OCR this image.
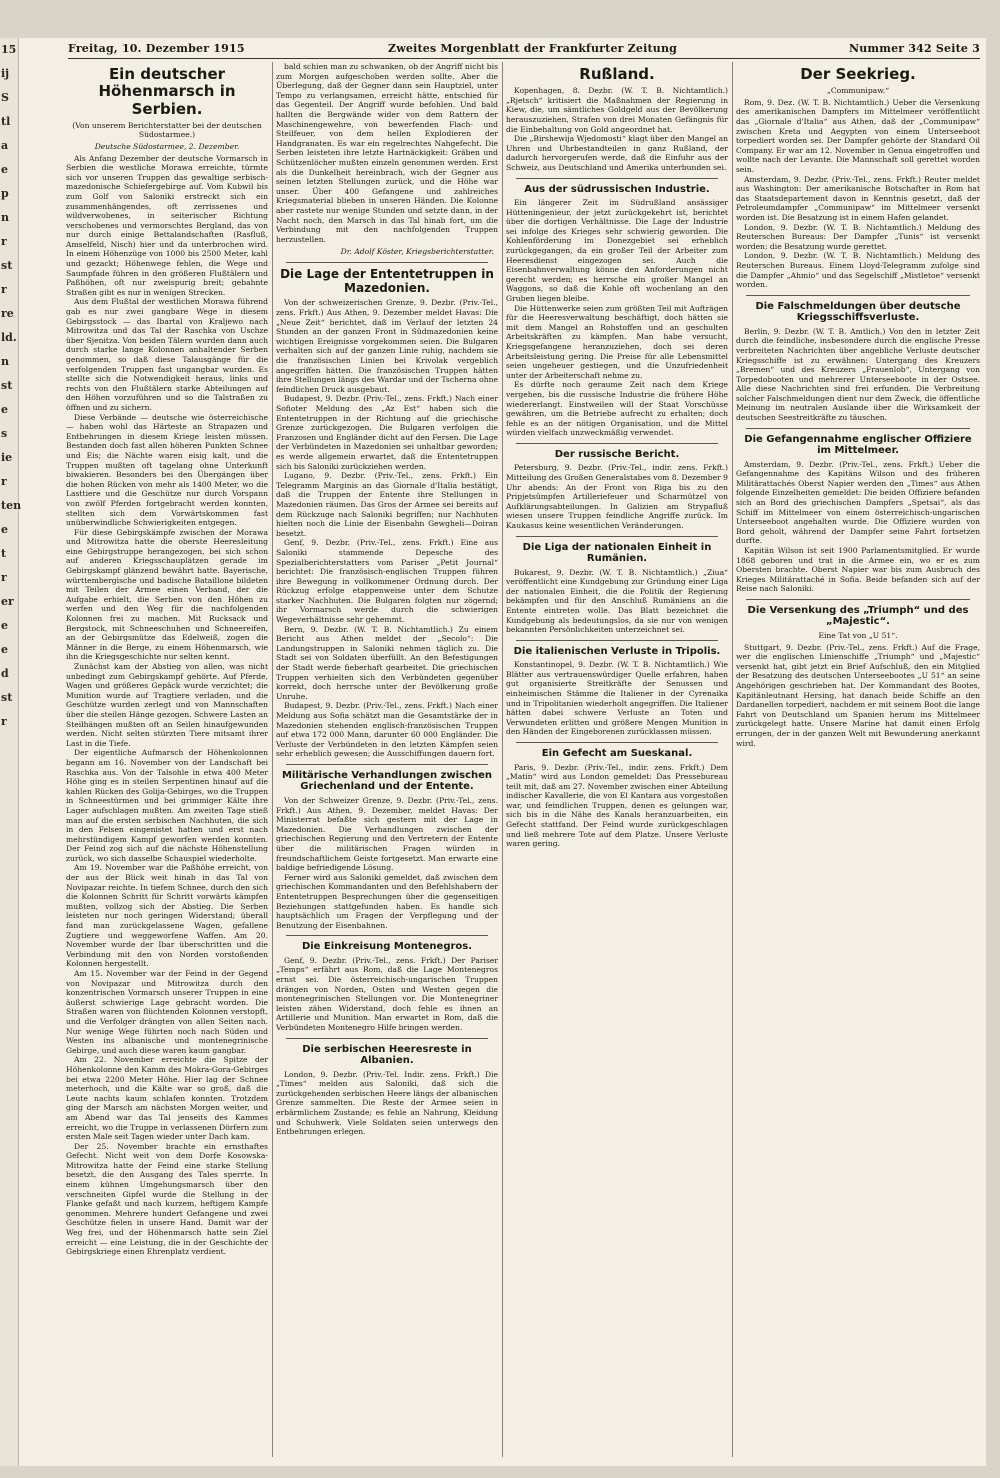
15
ij
S
tl
a
e
p
n
r
st
r
re
ld.
n
st
e
s
ie
r
ten
e
t
r
er
e
e
d
st
r
Freitag, 10. Dezember 1915	Zweites Morgenblatt der Frankfurter Zeitung	Nummer 342 Seite 3
Ein deutscher Höhenmarsch in Serbien.
(Von unserem Berichterstatter bei der deutschen Südostarmee.)
Deutsche Südostarmee, 2. Dezember.

Als Anfang Dezember der deutsche Vormarsch in Serbien die westliche Morawa erreichte, türmte sich vor unseren Truppen das gewaltige serbisch-mazedonische Schiefergebirge auf. Vom Kubwil bis zum Golf von Saloniki erstreckt sich ein zusammenhängendes, oft zerrissenes und wildverwobenes, in seiterischer Richtung verschobenes und vermorschtes Bergland, das von nur durch einige Bettalandschaften (Rasfluß, Amselfeld, Nisch) hier und da unterbrochen wird. In einem Höhenzüge von 1000 bis 2500 Meter, kahl und gezackt; Höhenwege fehlen, die Wege und Saumpfade führen in den größeren Flußtälern und Paßhöhen, oft nur zweispurig breit; gebahnte Straßen gibt es nur in wenigen Strecken.

Aus dem Flußtal der westlichen Morawa führend gab es nur zwei gangbare Wege in diesem Gebirgsstock — das Ibartal von Kraljewo nach Mitrowitza und das Tal der Raschka von Uschze über Sjenitza. Von beiden Tälern wurden dann auch durch starke lange Kolonnen anhaltender Serben genommen, so daß diese Talausgänge für die verfolgenden Truppen fast ungangbar wurden. Es stellte sich die Notwendigkeit heraus, links und rechts von den Flußtälern starke Abteilungen auf den Höhen vorzuführen und so die Talstraßen zu öffnen und zu sichern.

Diese Verbände — deutsche wie österreichische — haben wohl das Härteste an Strapazen und Entbehrungen in diesem Kriege leisten müssen. Bestanden doch fast allen höheren Punkten Schnee und Eis; die Nächte waren eisig kalt, und die Truppen mußten oft tagelang ohne Unterkunft biwakieren. Besonders bei den Übergängen über die hohen Rücken von mehr als 1400 Meter, wo die Lasttiere und die Geschütze nur durch Vorspann von zwölf Pferden fortgebracht werden konnten, stellten sich dem Vorwärtskommen fast unüberwindliche Schwierigkeiten entgegen.

Für diese Gebirgskämpfe zwischen der Morawa und Mitrowitza hatte die oberste Heeresleitung eine Gebirgstruppe herangezogen, bei sich schon auf anderen Kriegsschauplätzen gerade im Gebirgskampf glänzend bewährt hatte. Bayerische, württembergische und badische Bataillone bildeten mit Teilen der Armee einen Verband, der die Aufgabe erhielt, die Serben von den Höhen zu werfen und den Weg für die nachfolgenden Kolonnen frei zu machen. Mit Rucksack und Bergstock, mit Schneeschuhen und Schneereifen, an der Gebirgsmütze das Edelweiß, zogen die Männer in die Berge, zu einem Höhenmarsch, wie ihn die Kriegsgeschichte nur selten kennt.

Zunächst kam der Abstieg von allen, was nicht unbedingt zum Gebirgskampf gehörte. Auf Pferde, Wagen und größeres Gepäck wurde verzichtet; die Munition wurde auf Tragtiere verladen, und die Geschütze wurden zerlegt und von Mannschaften über die steilen Hänge gezogen. Schwere Lasten an Steilhängen mußten oft an Seilen hinaufgewunden werden. Nicht selten stürzten Tiere mitsamt ihrer Last in die Tiefe.

Der eigentliche Aufmarsch der Höhenkolonnen begann am 16. November von der Landschaft bei Raschka aus. Von der Talsohle in etwa 400 Meter Höhe ging es in steilen Serpentinen hinauf auf die kahlen Rücken des Golija-Gebirges, wo die Truppen in Schneestürmen und bei grimmiger Kälte ihre Lager aufschlagen mußten. Am zweiten Tage stieß man auf die ersten serbischen Nachhuten, die sich in den Felsen eingenistet hatten und erst nach mehrstündigem Kampf geworfen werden konnten. Der Feind zog sich auf die nächste Höhenstellung zurück, wo sich dasselbe Schauspiel wiederholte.

Am 19. November war die Paßhöhe erreicht, von der aus der Blick weit hinab in das Tal von Novipazar reichte. In tiefem Schnee, durch den sich die Kolonnen Schritt für Schritt vorwärts kämpfen mußten, vollzog sich der Abstieg. Die Serben leisteten nur noch geringen Widerstand; überall fand man zurückgelassene Wagen, gefallene Zugtiere und weggeworfene Waffen. Am 20. November wurde der Ibar überschritten und die Verbindung mit den von Norden vorstoßenden Kolonnen hergestellt.

Am 15. November war der Feind in der Gegend von Novipazar und Mitrowitza durch den konzentrischen Vormarsch unserer Truppen in eine äußerst schwierige Lage gebracht worden. Die Straßen waren von flüchtenden Kolonnen verstopft, und die Verfolger drängten von allen Seiten nach. Nur wenige Wege führten noch nach Süden und Westen ins albanische und montenegrinische Gebirge, und auch diese waren kaum gangbar.

Am 22. November erreichte die Spitze der Höhenkolonne den Kamm des Mokra-Gora-Gebirges bei etwa 2200 Meter Höhe. Hier lag der Schnee meterhoch, und die Kälte war so groß, daß die Leute nachts kaum schlafen konnten. Trotzdem ging der Marsch am nächsten Morgen weiter, und am Abend war das Tal jenseits des Kammes erreicht, wo die Truppe in verlassenen Dörfern zum ersten Male seit Tagen wieder unter Dach kam.

Der 25. November brachte ein ernsthaftes Gefecht. Nicht weit von dem Dorfe Kosowska-Mitrowitza hatte der Feind eine starke Stellung besetzt, die den Ausgang des Tales sperrte. In einem kühnen Umgehungsmarsch über den verschneiten Gipfel wurde die Stellung in der Flanke gefaßt und nach kurzem, heftigem Kampfe genommen. Mehrere hundert Gefangene und zwei Geschütze fielen in unsere Hand. Damit war der Weg frei, und der Höhenmarsch hatte sein Ziel erreicht — eine Leistung, die in der Geschichte der Gebirgskriege einen Ehrenplatz verdient.

bald schien man zu schwanken, ob der Angriff nicht bis zum Morgen aufgeschoben werden sollte. Aber die Überlegung, daß der Gegner dann sein Hauptziel, unter Tempo zu verlangsamen, erreicht hätte, entschied für das Gegenteil. Der Angriff wurde befohlen. Und bald hallten die Bergwände wider von dem Rattern der Maschinengewehre, von bewerfenden Flach- und Steilfeuer, von dem hellen Explodieren der Handgranaten. Es war ein regelrechtes Nahgefecht. Die Serben leisteten ihre letzte Hartnäckigkeit: Gräben und Schützenlöcher mußten einzeln genommen werden. Erst als die Dunkelheit hereinbrach, wich der Gegner aus seinen letzten Stellungen zurück, und die Höhe war unser. Über 400 Gefangene und zahlreiches Kriegsmaterial blieben in unseren Händen. Die Kolonne aber rastete nur wenige Stunden und setzte dann, in der Nacht noch, den Marsch in das Tal hinab fort, um die Verbindung mit den nachfolgenden Truppen herzustellen.

Dr. Adolf Köster, Kriegsberichterstatter.
Die Lage der Ententetruppen in Mazedonien.

Von der schweizerischen Grenze, 9. Dezbr. (Priv.-Tel., zens. Frkft.) Aus Athen, 9. Dezember meldet Havas: Die „Neue Zeit“ berichtet, daß im Verlauf der letzten 24 Stunden an der ganzen Front in Südmazedonien keine wichtigen Ereignisse vorgekommen seien. Die Bulgaren verhalten sich auf der ganzen Linie ruhig, nachdem sie die französischen Linien bei Krivolak vergeblich angegriffen hätten. Die französischen Truppen hätten ihre Stellungen längs des Wardar und der Tscherna ohne feindlichen Druck ausgebaut.

Budapest, 9. Dezbr. (Priv.-Tel., zens. Frkft.) Nach einer Sofioter Meldung des „Az Est“ haben sich die Ententetruppen in der Richtung auf die griechische Grenze zurückgezogen. Die Bulgaren verfolgen die Franzosen und Engländer dicht auf den Fersen. Die Lage der Verbündeten in Mazedonien sei unhaltbar geworden; es werde allgemein erwartet, daß die Ententetruppen sich bis Saloniki zurückziehen werden.

Lugano, 9. Dezbr. (Priv.-Tel., zens. Frkft.) Ein Telegramm Marginis an das Giornale d'Italia bestätigt, daß die Truppen der Entente ihre Stellungen in Mazedonien räumen. Das Gros der Armee sei bereits auf dem Rückzuge nach Saloniki begriffen; nur Nachhuten hielten noch die Linie der Eisenbahn Gewgheli—Doiran besetzt.

Genf, 9. Dezbr. (Priv.-Tel., zens. Frkft.) Eine aus Saloniki stammende Depesche des Spezialberichterstatters vom Pariser „Petit Journal“ berichtet: Die französisch-englischen Truppen führen ihre Bewegung in vollkommener Ordnung durch. Der Rückzug erfolge etappenweise unter dem Schutze starker Nachhuten. Die Bulgaren folgten nur zögernd; ihr Vormarsch werde durch die schwierigen Wegeverhältnisse sehr gehemmt.

Bern, 9. Dezbr. (W. T. B. Nichtamtlich.) Zu einem Bericht aus Athen meldet der „Secolo“: Die Landungstruppen in Saloniki nehmen täglich zu. Die Stadt sei von Soldaten überfüllt. An den Befestigungen der Stadt werde fieberhaft gearbeitet. Die griechischen Truppen verhielten sich den Verbündeten gegenüber korrekt, doch herrsche unter der Bevölkerung große Unruhe.

Budapest, 9. Dezbr. (Priv.-Tel., zens. Frkft.) Nach einer Meldung aus Sofia schätzt man die Gesamtstärke der in Mazedonien stehenden englisch-französischen Truppen auf etwa 172 000 Mann, darunter 60 000 Engländer. Die Verluste der Verbündeten in den letzten Kämpfen seien sehr erheblich gewesen; die Ausschiffungen dauern fort.

Militärische Verhandlungen zwischen Griechenland und der Entente.

Von der Schweizer Grenze, 9. Dezbr. (Priv.-Tel., zens. Frkft.) Aus Athen, 9. Dezember, meldet Havas: Der Ministerrat befaßte sich gestern mit der Lage in Mazedonien. Die Verhandlungen zwischen der griechischen Regierung und den Vertretern der Entente über die militärischen Fragen würden in freundschaftlichem Geiste fortgesetzt. Man erwarte eine baldige befriedigende Lösung.

Ferner wird aus Saloniki gemeldet, daß zwischen dem griechischen Kommandanten und den Befehlshabern der Ententetruppen Besprechungen über die gegenseitigen Beziehungen stattgefunden haben. Es handle sich hauptsächlich um Fragen der Verpflegung und der Benutzung der Eisenbahnen.

Die Einkreisung Montenegros.

Genf, 9. Dezbr. (Priv.-Tel., zens. Frkft.) Der Pariser „Temps“ erfährt aus Rom, daß die Lage Montenegros ernst sei. Die österreichisch-ungarischen Truppen drängen von Norden, Osten und Westen gegen die montenegrinischen Stellungen vor. Die Montenegriner leisten zähen Widerstand, doch fehle es ihnen an Artillerie und Munition. Man erwartet in Rom, daß die Verbündeten Montenegro Hilfe bringen werden.

Die serbischen Heeresreste in Albanien.

London, 9. Dezbr. (Priv.-Tel. Indir. zens. Frkft.) Die „Times“ melden aus Saloniki, daß sich die zurückgehenden serbischen Heere längs der albanischen Grenze sammelten. Die Reste der Armee seien in erbärmlichem Zustande; es fehle an Nahrung, Kleidung und Schuhwerk. Viele Soldaten seien unterwegs den Entbehrungen erlegen.

Rußland.

Kopenhagen, 8. Dezbr. (W. T. B. Nichtamtlich.) „Rjetsch“ kritisiert die Maßnahmen der Regierung in Kiew, die, um sämtliches Goldgeld aus der Bevölkerung herauszuziehen, Strafen von drei Monaten Gefängnis für die Einbehaltung von Gold angeordnet hat.

Die „Birshewija Wjedomosti“ klagt über den Mangel an Uhren und Uhrbestandteilen in ganz Rußland, der dadurch hervorgerufen werde, daß die Einfuhr aus der Schweiz, aus Deutschland und Amerika unterbunden sei.

Aus der südrussischen Industrie.

Ein längerer Zeit im Südrußland ansässiger Hütteningenieur, der jetzt zurückgekehrt ist, berichtet über die dortigen Verhältnisse. Die Lage der Industrie sei infolge des Krieges sehr schwierig geworden. Die Kohlenförderung im Donezgebiet sei erheblich zurückgegangen, da ein großer Teil der Arbeiter zum Heeresdienst eingezogen sei. Auch die Eisenbahnverwaltung könne den Anforderungen nicht gerecht werden; es herrsche ein großer Mangel an Waggons, so daß die Kohle oft wochenlang an den Gruben liegen bleibe.

Die Hüttenwerke seien zum größten Teil mit Aufträgen für die Heeresverwaltung beschäftigt, doch hätten sie mit dem Mangel an Rohstoffen und an geschulten Arbeitskräften zu kämpfen. Man habe versucht, Kriegsgefangene heranzuziehen, doch sei deren Arbeitsleistung gering. Die Preise für alle Lebensmittel seien ungeheuer gestiegen, und die Unzufriedenheit unter der Arbeiterschaft nehme zu.

Es dürfte noch geraume Zeit nach dem Kriege vergehen, bis die russische Industrie die frühere Höhe wiedererlangt. Einstweilen will der Staat Vorschüsse gewähren, um die Betriebe aufrecht zu erhalten; doch fehle es an der nötigen Organisation, und die Mittel würden vielfach unzweckmäßig verwendet.

Der russische Bericht.

Petersburg, 9. Dezbr. (Priv.-Tel., indir. zens. Frkft.) Mitteilung des Großen Generalstabes vom 8. Dezember 9 Uhr abends: An der Front von Riga bis zu den Pripjetsümpfen Artilleriefeuer und Scharmützel von Aufklärungsabteilungen. In Galizien am Strypafluß wiesen unsere Truppen feindliche Angriffe zurück. Im Kaukasus keine wesentlichen Veränderungen.

Die Liga der nationalen Einheit in Rumänien.

Bukarest, 9. Dezbr. (W. T. B. Nichtamtlich.) „Ziua“ veröffentlicht eine Kundgebung zur Gründung einer Liga der nationalen Einheit, die die Politik der Regierung bekämpfen und für den Anschluß Rumäniens an die Entente eintreten wolle. Das Blatt bezeichnet die Kundgebung als bedeutungslos, da sie nur von wenigen bekannten Persönlichkeiten unterzeichnet sei.

Die italienischen Verluste in Tripolis.

Konstantinopel, 9. Dezbr. (W. T. B. Nichtamtlich.) Wie Blätter aus vertrauenswürdiger Quelle erfahren, haben gut organisierte Streitkräfte der Senussen und einheimischen Stämme die Italiener in der Cyrenaika und in Tripolitanien wiederholt angegriffen. Die Italiener hätten dabei schwere Verluste an Toten und Verwundeten erlitten und größere Mengen Munition in den Händen der Eingeborenen zurücklassen müssen.

Ein Gefecht am Sueskanal.

Paris, 9. Dezbr. (Priv.-Tel., indir. zens. Frkft.) Dem „Matin“ wird aus London gemeldet: Das Pressebureau teilt mit, daß am 27. November zwischen einer Abteilung indischer Kavallerie, die von El Kantara aus vorgestoßen war, und feindlichen Truppen, denen es gelungen war, sich bis in die Nähe des Kanals heranzuarbeiten, ein Gefecht stattfand. Der Feind wurde zurückgeschlagen und ließ mehrere Tote auf dem Platze. Unsere Verluste waren gering.

Der Seekrieg.
„Communipaw.“

Rom, 9. Dez. (W. T. B. Nichtamtlich.) Ueber die Versenkung des amerikanischen Dampfers im Mittelmeer veröffentlicht das „Giornale d'Italia“ aus Athen, daß der „Communipaw“ zwischen Kreta und Aegypten von einem Unterseeboot torpediert worden sei. Der Dampfer gehörte der Standard Oil Company. Er war am 12. November in Genua eingetroffen und wollte nach der Levante. Die Mannschaft soll gerettet worden sein.

Amsterdam, 9. Dezbr. (Priv.-Tel., zens. Frkft.) Reuter meldet aus Washington: Der amerikanische Botschafter in Rom hat das Staatsdepartement davon in Kenntnis gesetzt, daß der Petroleumdampfer „Communipaw“ im Mittelmeer versenkt worden ist. Die Besatzung ist in einem Hafen gelandet.

London, 9. Dezbr. (W. T. B. Nichtamtlich.) Meldung des Reuterschen Bureaus: Der Dampfer „Tunis“ ist versenkt worden; die Besatzung wurde gerettet.

London, 9. Dezbr. (W. T. B. Nichtamtlich.) Meldung des Reuterschen Bureaus. Einem Lloyd-Telegramm zufolge sind die Dampfer „Ahmio“ und das Segelschiff „Mistletoe“ versenkt worden.

Die Falschmeldungen über deutsche Kriegsschiffsverluste.

Berlin, 9. Dezbr. (W. T. B. Amtlich.) Von den in letzter Zeit durch die feindliche, insbesondere durch die englische Presse verbreiteten Nachrichten über angebliche Verluste deutscher Kriegsschiffe ist zu erwähnen: Untergang des Kreuzers „Bremen“ und des Kreuzers „Frauenlob“, Untergang von Torpedobooten und mehrerer Unterseeboote in der Ostsee. Alle diese Nachrichten sind frei erfunden. Die Verbreitung solcher Falschmeldungen dient nur dem Zweck, die öffentliche Meinung im neutralen Auslande über die Wirksamkeit der deutschen Seestreitkräfte zu täuschen.

Die Gefangennahme englischer Offiziere im Mittelmeer.

Amsterdam, 9. Dezbr. (Priv.-Tel., zens. Frkft.) Ueber die Gefangennahme des Kapitäns Wilson und des früheren Militärattachés Oberst Napier werden den „Times“ aus Athen folgende Einzelheiten gemeldet: Die beiden Offiziere befanden sich an Bord des griechischen Dampfers „Spetsai“, als das Schiff im Mittelmeer von einem österreichisch-ungarischen Unterseeboot angehalten wurde. Die Offiziere wurden von Bord geholt, während der Dampfer seine Fahrt fortsetzen durfte.

Kapitän Wilson ist seit 1900 Parlamentsmitglied. Er wurde 1868 geboren und trat in die Armee ein, wo er es zum Obersten brachte. Oberst Napier war bis zum Ausbruch des Krieges Militärattaché in Sofia. Beide befanden sich auf der Reise nach Saloniki.

Die Versenkung des „Triumph“ und des „Majestic“.
Eine Tat von „U 51“.

Stuttgart, 9. Dezbr. (Priv.-Tel., zens. Frkft.) Auf die Frage, wer die englischen Linienschiffe „Triumph“ und „Majestic“ versenkt hat, gibt jetzt ein Brief Aufschluß, den ein Mitglied der Besatzung des deutschen Unterseebootes „U 51“ an seine Angehörigen geschrieben hat. Der Kommandant des Bootes, Kapitänleutnant Hersing, hat danach beide Schiffe an den Dardanellen torpediert, nachdem er mit seinem Boot die lange Fahrt von Deutschland um Spanien herum ins Mittelmeer zurückgelegt hatte. Unsere Marine hat damit einen Erfolg errungen, der in der ganzen Welt mit Bewunderung anerkannt wird.
